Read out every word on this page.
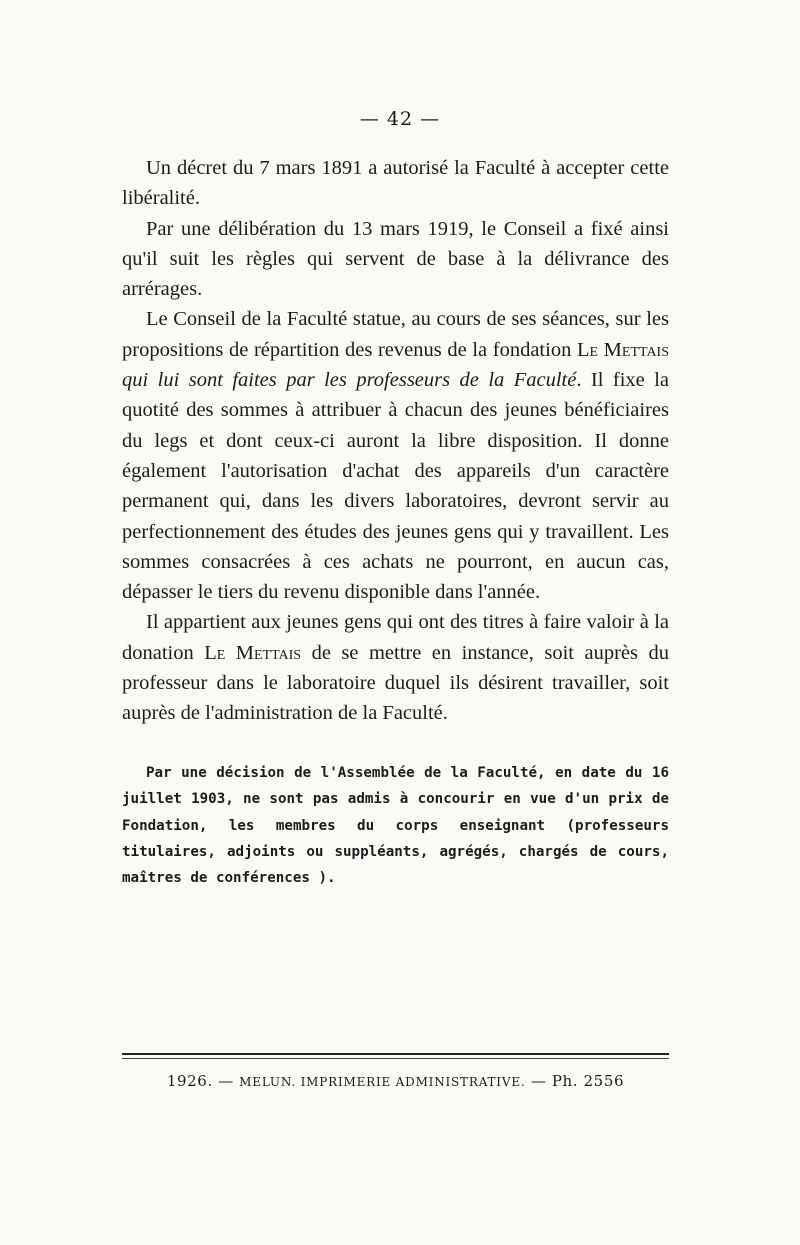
— 42 —

Un décret du 7 mars 1891 a autorisé la Faculté à accepter cette libéralité.

Par une délibération du 13 mars 1919, le Conseil a fixé ainsi qu'il suit les règles qui servent de base à la délivrance des arrérages.

Le Conseil de la Faculté statue, au cours de ses séances, sur les propositions de répartition des revenus de la fondation Le Mettais qui lui sont faites par les professeurs de la Faculté. Il fixe la quotité des sommes à attribuer à chacun des jeunes bénéficiaires du legs et dont ceux-ci auront la libre disposition. Il donne également l'autorisation d'achat des appareils d'un caractère permanent qui, dans les divers laboratoires, devront servir au perfectionnement des études des jeunes gens qui y travaillent. Les sommes consacrées à ces achats ne pourront, en aucun cas, dépasser le tiers du revenu disponible dans l'année.

Il appartient aux jeunes gens qui ont des titres à faire valoir à la donation Le Mettais de se mettre en instance, soit auprès du professeur dans le laboratoire duquel ils désirent travailler, soit auprès de l'administration de la Faculté.

Par une décision de l'Assemblée de la Faculté, en date du 16 juillet 1903, ne sont pas admis à concourir en vue d'un prix de Fondation, les membres du corps enseignant (professeurs titulaires, adjoints ou suppléants, agrégés, chargés de cours, maîtres de conférences ).

1926. — MELUN. IMPRIMERIE ADMINISTRATIVE. — Ph. 2556
